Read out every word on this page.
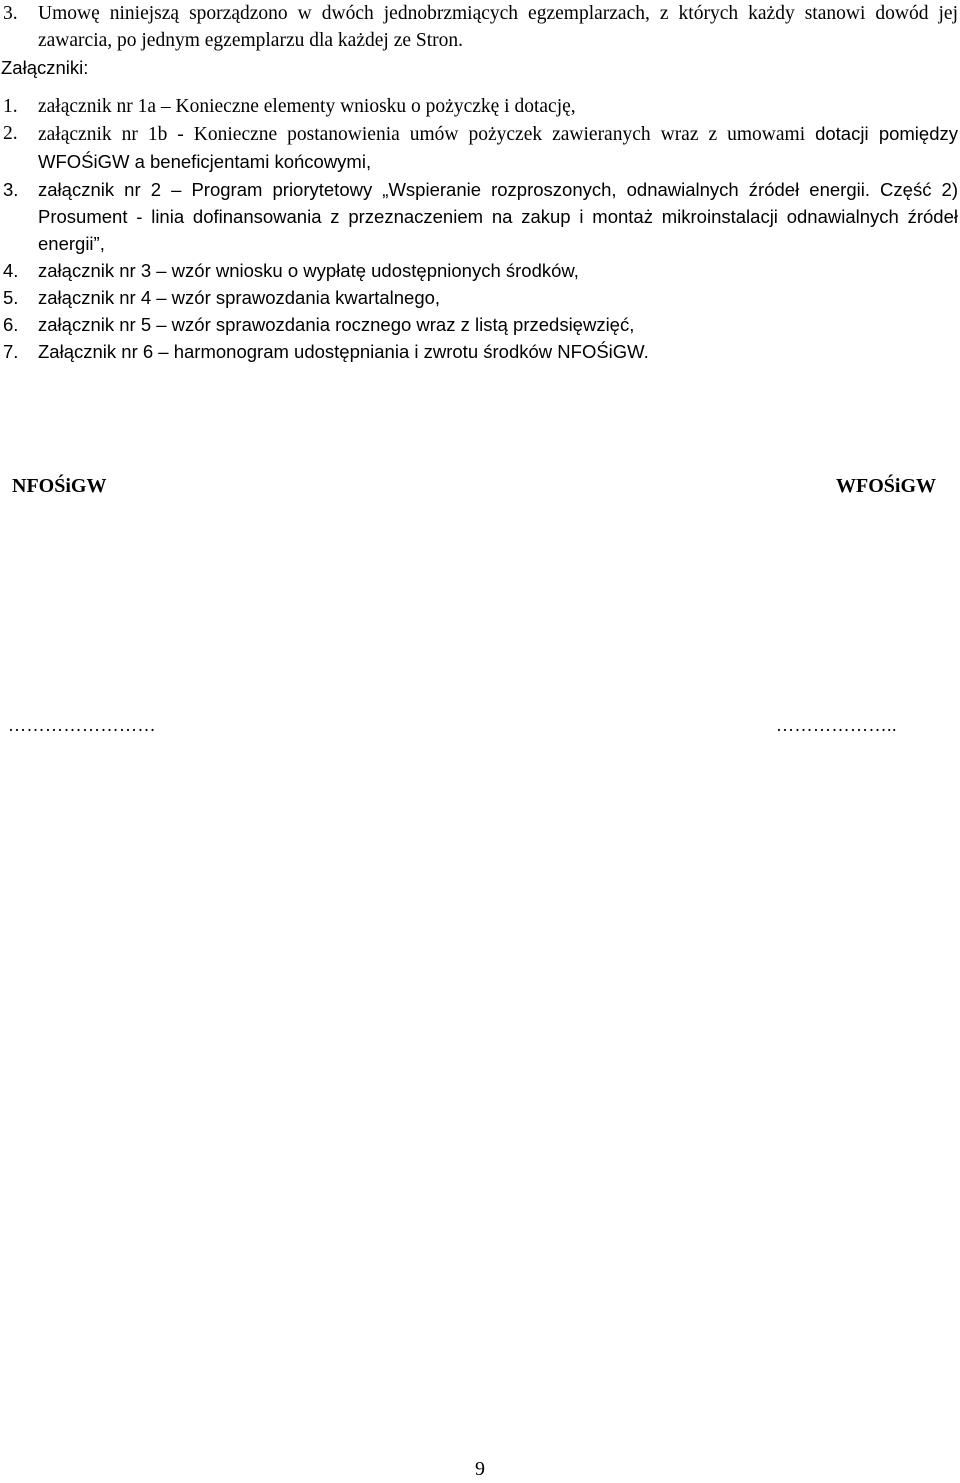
3. Umowę niniejszą sporządzono w dwóch jednobrzmiących egzemplarzach, z których każdy stanowi dowód jej zawarcia, po jednym egzemplarzu dla każdej ze Stron.
Załączniki:
1. załącznik nr 1a – Konieczne elementy wniosku o pożyczkę i dotację,
2. załącznik nr 1b - Konieczne postanowienia umów pożyczek zawieranych wraz z umowami dotacji pomiędzy WFOŚiGW a beneficjentami końcowymi,
3. załącznik nr 2 – Program priorytetowy „Wspieranie rozproszonych, odnawialnych źródeł energii. Część 2) Prosument - linia dofinansowania z przeznaczeniem na zakup i montaż mikroinstalacji odnawialnych źródeł energii”,
4. załącznik nr 3 – wzór wniosku o wypłatę udostępnionych środków,
5. załącznik nr 4 – wzór sprawozdania kwartalnego,
6. załącznik nr 5 – wzór sprawozdania rocznego wraz z listą przedsięwzięć,
7. Załącznik nr 6 – harmonogram udostępniania i zwrotu środków NFOŚiGW.
NFOŚiGW	WFOŚiGW
……………………	………………..
9
